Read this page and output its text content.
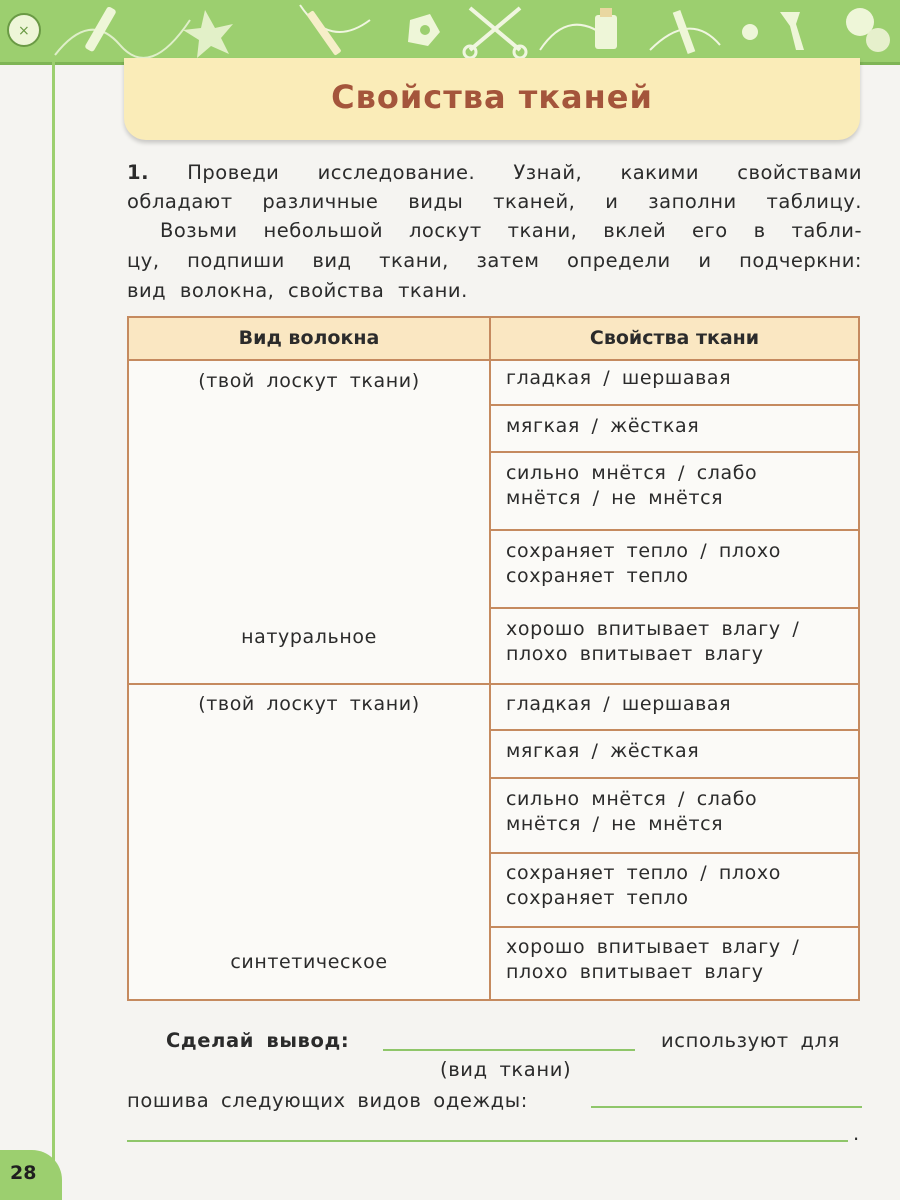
×
Свойства тканей
1. Проведи исследование. Узнай, какими свойствами
обладают различные виды тканей, и заполни таблицу.
Возьми небольшой лоскут ткани, вклей его в табли-
цу, подпиши вид ткани, затем определи и подчеркни:
вид волокна, свойства ткани.
Вид волокна	Свойства ткани
(твой лоскут ткани)
натуральное
гладкая / шершавая
мягкая / жёсткая
сильно мнётся / слабо
мнётся / не мнётся
сохраняет тепло / плохо
сохраняет тепло
хорошо впитывает влагу /
плохо впитывает влагу
(твой лоскут ткани)
синтетическое
гладкая / шершавая
мягкая / жёсткая
сильно мнётся / слабо
мнётся / не мнётся
сохраняет тепло / плохо
сохраняет тепло
хорошо впитывает влагу /
плохо впитывает влагу
Сделай вывод:	используют для
(вид ткани)
пошива следующих видов одежды:
.
28
